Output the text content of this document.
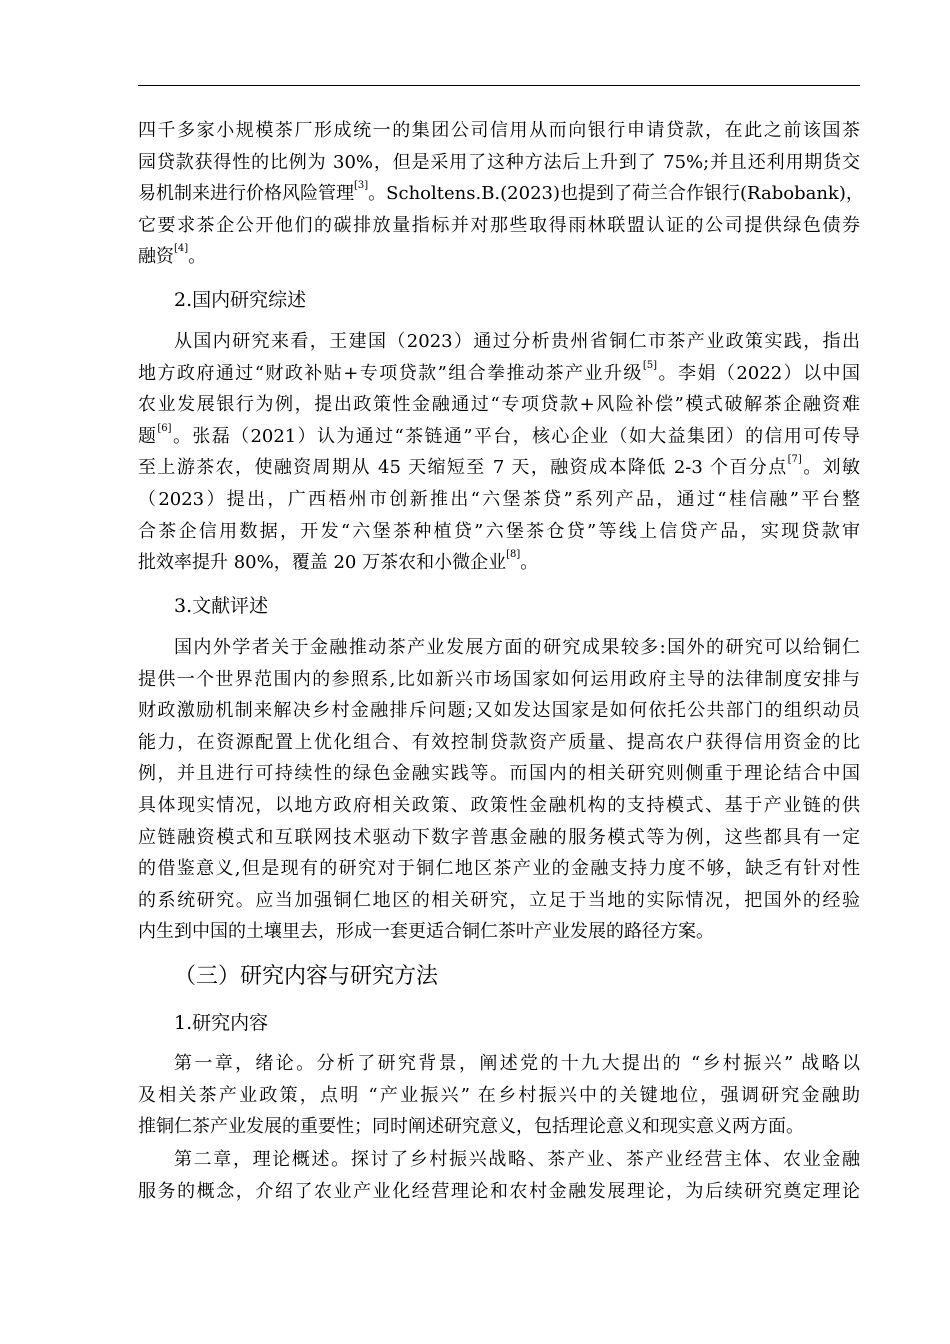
四千多家小规模茶厂形成统一的集团公司信用从而向银行申请贷款，在此之前该国茶
园贷款获得性的比例为 30%，但是采用了这种方法后上升到了 75%;并且还利用期货交
易机制来进行价格风险管理[3]。Scholtens.B.(2023)也提到了荷兰合作银行(Rabobank)，
它要求茶企公开他们的碳排放量指标并对那些取得雨林联盟认证的公司提供绿色债券
融资[4]。
2.国内研究综述
从国内研究来看，王建国（2023）通过分析贵州省铜仁市茶产业政策实践，指出
地方政府通过“财政补贴+专项贷款”组合拳推动茶产业升级[5]。李娟（2022）以中国
农业发展银行为例，提出政策性金融通过“专项贷款+风险补偿”模式破解茶企融资难
题[6]。张磊（2021）认为通过“茶链通”平台，核心企业（如大益集团）的信用可传导
至上游茶农，使融资周期从 45 天缩短至 7 天，融资成本降低 2-3 个百分点[7]。刘敏
（2023）提出，广西梧州市创新推出“六堡茶贷”系列产品，通过“桂信融”平台整
合茶企信用数据，开发“六堡茶种植贷”六堡茶仓贷”等线上信贷产品，实现贷款审
批效率提升 80%，覆盖 20 万茶农和小微企业[8]。
3.文献评述
国内外学者关于金融推动茶产业发展方面的研究成果较多:国外的研究可以给铜仁
提供一个世界范围内的参照系,比如新兴市场国家如何运用政府主导的法律制度安排与
财政激励机制来解决乡村金融排斥问题;又如发达国家是如何依托公共部门的组织动员
能力，在资源配置上优化组合、有效控制贷款资产质量、提高农户获得信用资金的比
例，并且进行可持续性的绿色金融实践等。而国内的相关研究则侧重于理论结合中国
具体现实情况，以地方政府相关政策、政策性金融机构的支持模式、基于产业链的供
应链融资模式和互联网技术驱动下数字普惠金融的服务模式等为例，这些都具有一定
的借鉴意义,但是现有的研究对于铜仁地区茶产业的金融支持力度不够，缺乏有针对性
的系统研究。应当加强铜仁地区的相关研究，立足于当地的实际情况，把国外的经验
内生到中国的土壤里去，形成一套更适合铜仁茶叶产业发展的路径方案。
（三）研究内容与研究方法
1.研究内容
第一章，绪论。分析了研究背景，阐述党的十九大提出的 “乡村振兴” 战略以
及相关茶产业政策，点明 “产业振兴” 在乡村振兴中的关键地位，强调研究金融助
推铜仁茶产业发展的重要性；同时阐述研究意义，包括理论意义和现实意义两方面。
第二章，理论概述。探讨了乡村振兴战略、茶产业、茶产业经营主体、农业金融
服务的概念，介绍了农业产业化经营理论和农村金融发展理论，为后续研究奠定理论
